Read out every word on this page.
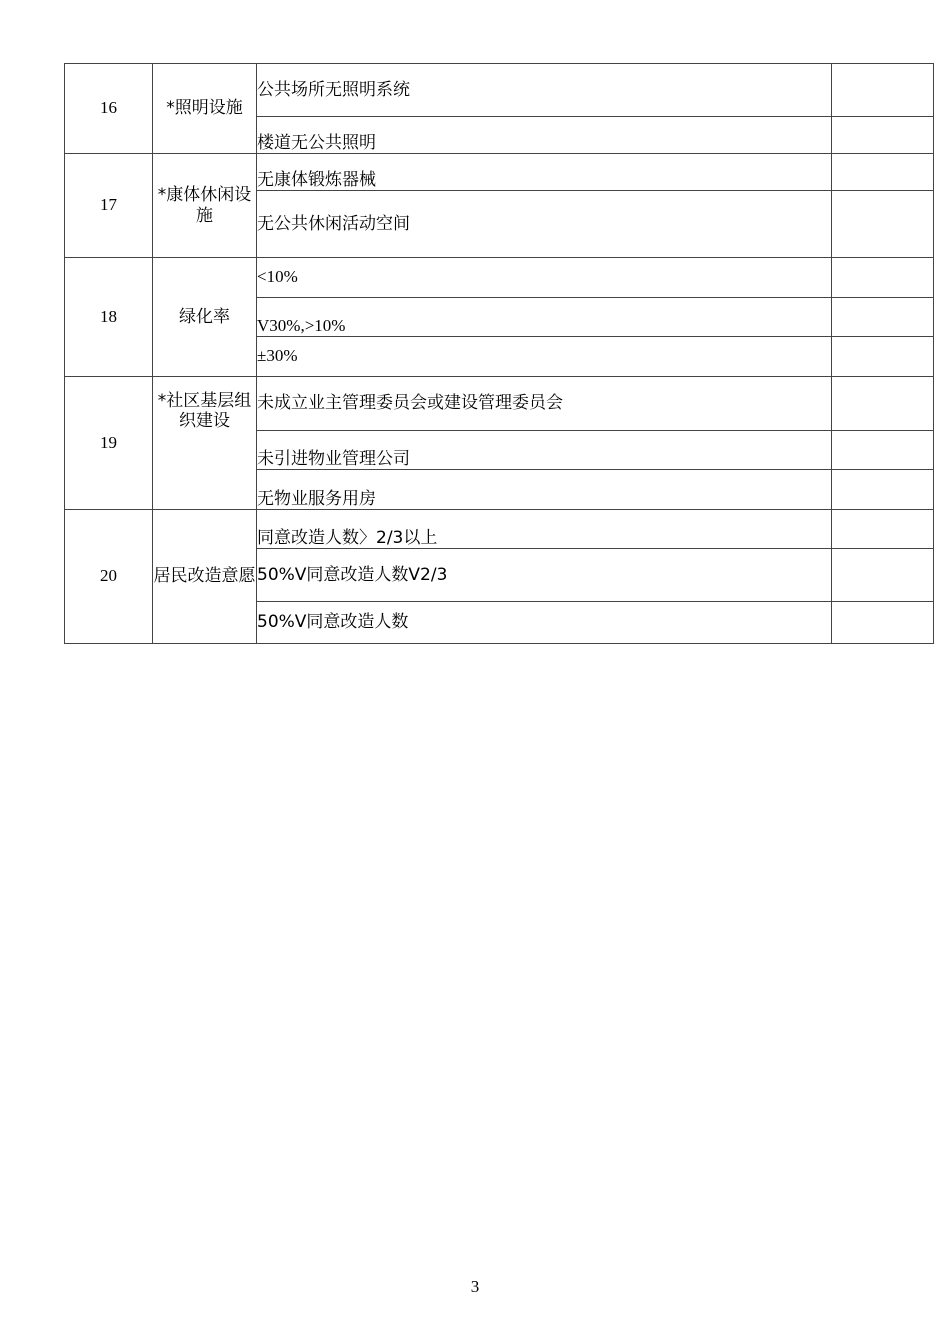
16	*照明设施	公共场所无照明系统	
		楼道无公共照明	
17	*康体休闲设施	无康体锻炼器械	
		无公共休闲活动空间	
18	绿化率	<10%	
		V30%,>10%	
		±30%	
19	*社区基层组织建设	未成立业主管理委员会或建设管理委员会	
		未引进物业管理公司	
		无物业服务用房	
20	居民改造意愿	同意改造人数〉2/3以上	
		50%V同意改造人数V2/3	
		50%V同意改造人数	
3
